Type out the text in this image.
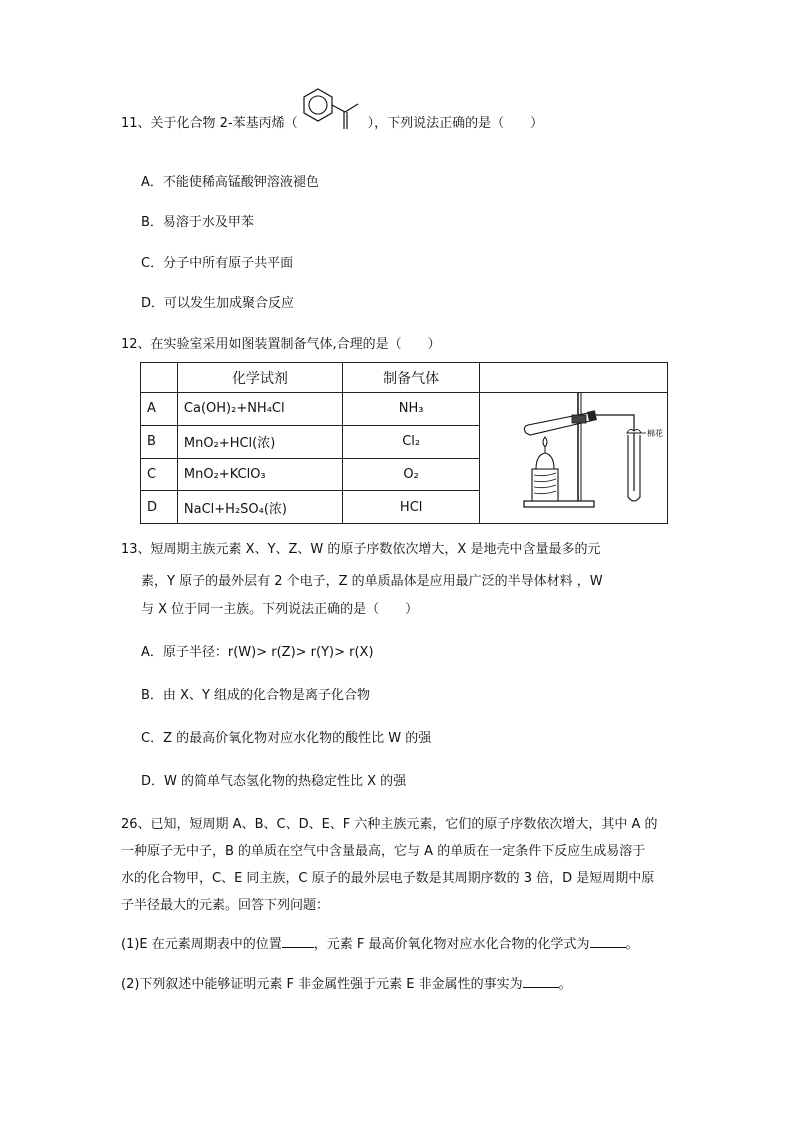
11、关于化合物 2-苯基丙烯（	），下列说法正确的是（　　）
A．不能使稀高锰酸钾溶液褪色
B．易溶于水及甲苯
C．分子中所有原子共平面
D．可以发生加成聚合反应
12、在实验室采用如图装置制备气体,合理的是（　　）
	化学试剂	制备气体	
A	Ca(OH)₂+NH₄Cl	NH₃	棉花

B	MnO₂+HCl(浓)	Cl₂	
C	MnO₂+KClO₃	O₂	
D	NaCl+H₂SO₄(浓)	HCl	
13、短周期主族元素 X、Y、Z、W 的原子序数依次增大，X 是地壳中含量最多的元
素，Y 原子的最外层有 2 个电子，Z 的单质晶体是应用最广泛的半导体材料 ，W
与 X 位于同一主族。下列说法正确的是（　　）
A．原子半径：r(W)> r(Z)> r(Y)> r(X)
B．由 X、Y 组成的化合物是离子化合物
C．Z 的最高价氧化物对应水化物的酸性比 W 的强
D．W 的简单气态氢化物的热稳定性比 X 的强
26、已知，短周期 A、B、C、D、E、F 六种主族元素，它们的原子序数依次增大，其中 A 的
一种原子无中子，B 的单质在空气中含量最高，它与 A 的单质在一定条件下反应生成易溶于
水的化合物甲，C、E 同主族，C 原子的最外层电子数是其周期序数的 3 倍，D 是短周期中原
子半径最大的元素。回答下列问题：
(1)E 在元素周期表中的位置 ，元素 F 最高价氧化物对应水化合物的化学式为	。
(2)下列叙述中能够证明元素 F 非金属性强于元素 E 非金属性的事实为	。
